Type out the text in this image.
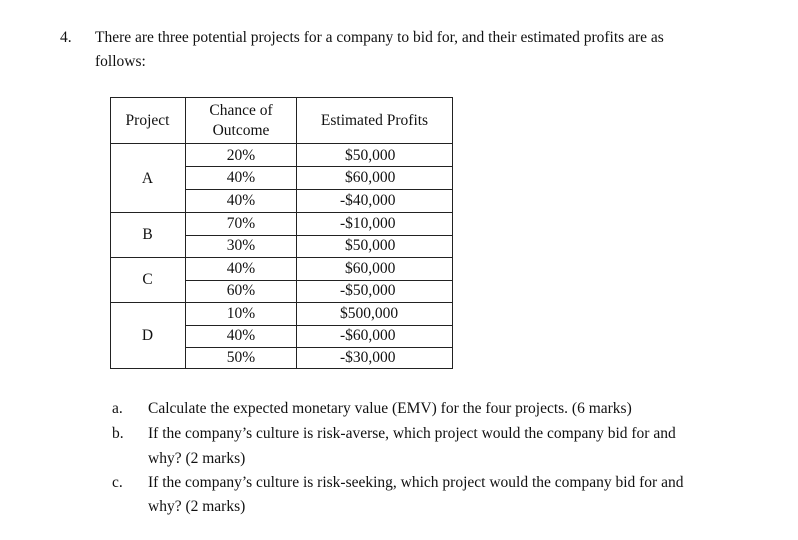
4. There are three potential projects for a company to bid for, and their estimated profits are as
follows:
Project
Chance of
Outcome
Estimated Profits
A
B
C
D
20%
40%
40%
70%
30%
40%
60%
10%
40%
50%
$50,000
$60,000
-$40,000
-$10,000
$50,000
$60,000
-$50,000
$500,000
-$60,000
-$30,000
a. Calculate the expected monetary value (EMV) for the four projects. (6 marks)
b. If the company’s culture is risk-averse, which project would the company bid for and
why? (2 marks)
c. If the company’s culture is risk-seeking, which project would the company bid for and
why? (2 marks)
